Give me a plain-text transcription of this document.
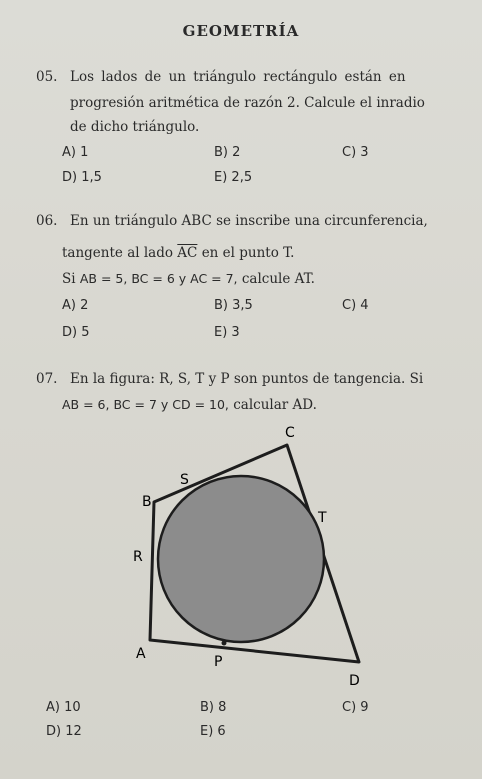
GEOMETRÍA
05. Los lados de un triángulo rectángulo están en
progresión aritmética de razón 2. Calcule el inradio
de dicho triángulo.
A) 1	B) 2	C) 3
D) 1,5	E) 2,5
06. En un triángulo ABC se inscribe una circunferencia,
tangente al lado $\overline{AC}$ en el punto T.
Si AB = 5, BC = 6 y AC = 7, calcule AT.
A) 2	B) 3,5	C) 4
D) 5	E) 3
07. En la figura: R, S, T y P son puntos de tangencia. Si
AB = 6, BC = 7 y CD = 10, calcular AD.
C
S
B
T
R
A	P
D
A) 10	B) 8	C) 9
D) 12	E) 6
